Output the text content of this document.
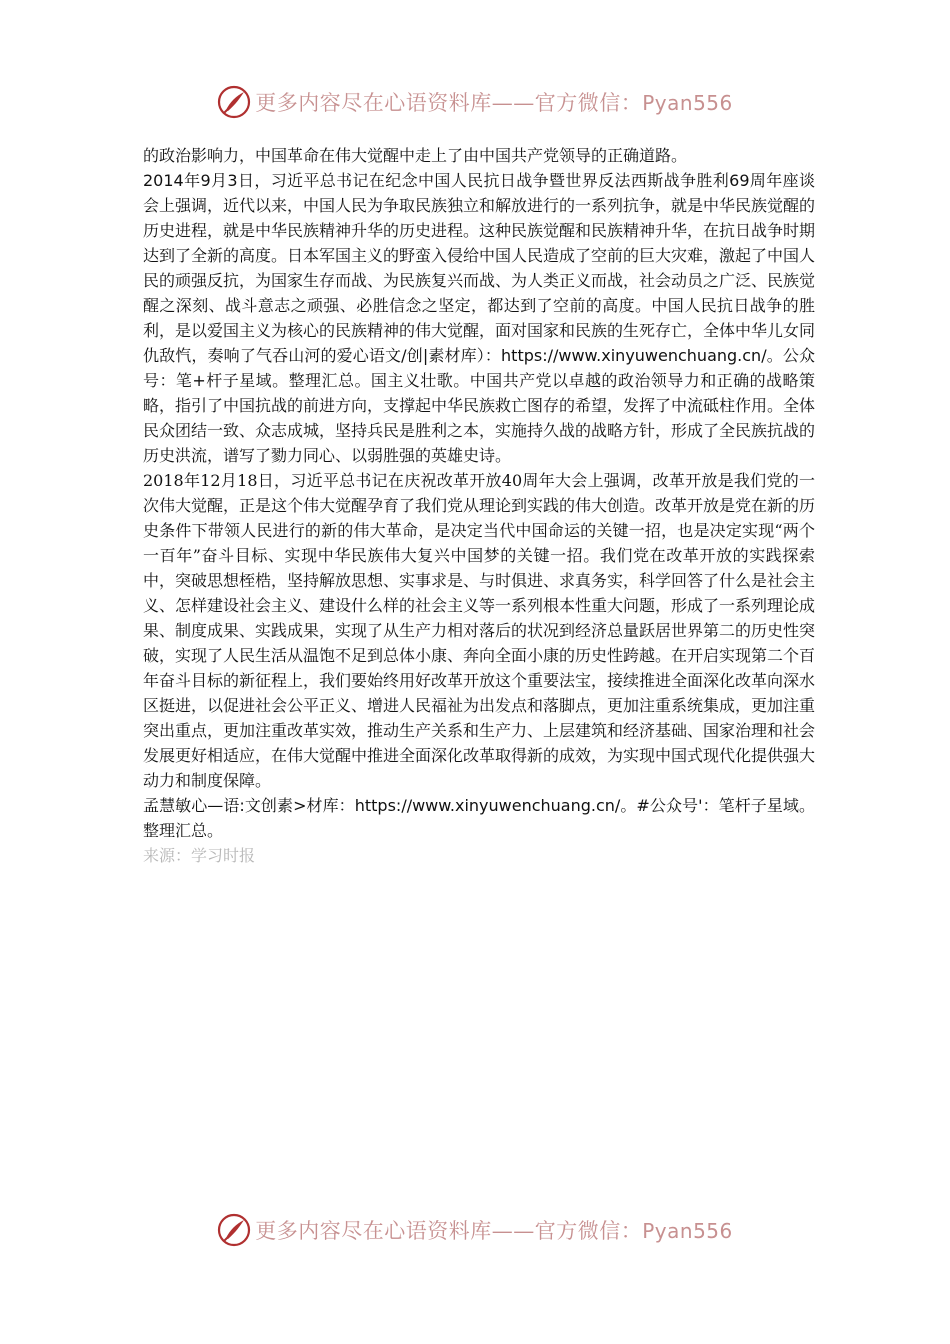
更多内容尽在心语资料库——官方微信：Pyan556

的政治影响力，中国革命在伟大觉醒中走上了由中国共产党领导的正确道路。

2014年9月3日，习近平总书记在纪念中国人民抗日战争暨世界反法西斯战争胜利69周年座谈会上强调，近代以来，中国人民为争取民族独立和解放进行的一系列抗争，就是中华民族觉醒的历史进程，就是中华民族精神升华的历史进程。这种民族觉醒和民族精神升华，在抗日战争时期达到了全新的高度。日本军国主义的野蛮入侵给中国人民造成了空前的巨大灾难，激起了中国人民的顽强反抗，为国家生存而战、为民族复兴而战、为人类正义而战，社会动员之广泛、民族觉醒之深刻、战斗意志之顽强、必胜信念之坚定，都达到了空前的高度。中国人民抗日战争的胜利，是以爱国主义为核心的民族精神的伟大觉醒，面对国家和民族的生死存亡，全体中华儿女同仇敌忾，奏响了气吞山河的爱心语文/创|素材库）：https://www.xinyuwenchuang.cn/。公众号：笔+杆子星域。整理汇总。国主义壮歌。中国共产党以卓越的政治领导力和正确的战略策略，指引了中国抗战的前进方向，支撑起中华民族救亡图存的希望，发挥了中流砥柱作用。全体民众团结一致、众志成城，坚持兵民是胜利之本，实施持久战的战略方针，形成了全民族抗战的历史洪流，谱写了勠力同心、以弱胜强的英雄史诗。

2018年12月18日，习近平总书记在庆祝改革开放40周年大会上强调，改革开放是我们党的一次伟大觉醒，正是这个伟大觉醒孕育了我们党从理论到实践的伟大创造。改革开放是党在新的历史条件下带领人民进行的新的伟大革命，是决定当代中国命运的关键一招，也是决定实现“两个一百年”奋斗目标、实现中华民族伟大复兴中国梦的关键一招。我们党在改革开放的实践探索中，突破思想桎梏，坚持解放思想、实事求是、与时俱进、求真务实，科学回答了什么是社会主义、怎样建设社会主义、建设什么样的社会主义等一系列根本性重大问题，形成了一系列理论成果、制度成果、实践成果，实现了从生产力相对落后的状况到经济总量跃居世界第二的历史性突破，实现了人民生活从温饱不足到总体小康、奔向全面小康的历史性跨越。在开启实现第二个百年奋斗目标的新征程上，我们要始终用好改革开放这个重要法宝，接续推进全面深化改革向深水区挺进，以促进社会公平正义、增进人民福祉为出发点和落脚点，更加注重系统集成，更加注重突出重点，更加注重改革实效，推动生产关系和生产力、上层建筑和经济基础、国家治理和社会发展更好相适应，在伟大觉醒中推进全面深化改革取得新的成效，为实现中国式现代化提供强大动力和制度保障。

孟慧敏心—语:文创素>材库：https://www.xinyuwenchuang.cn/。#公众号'：笔杆子星域。整理汇总。

来源：学习时报

更多内容尽在心语资料库——官方微信：Pyan556
